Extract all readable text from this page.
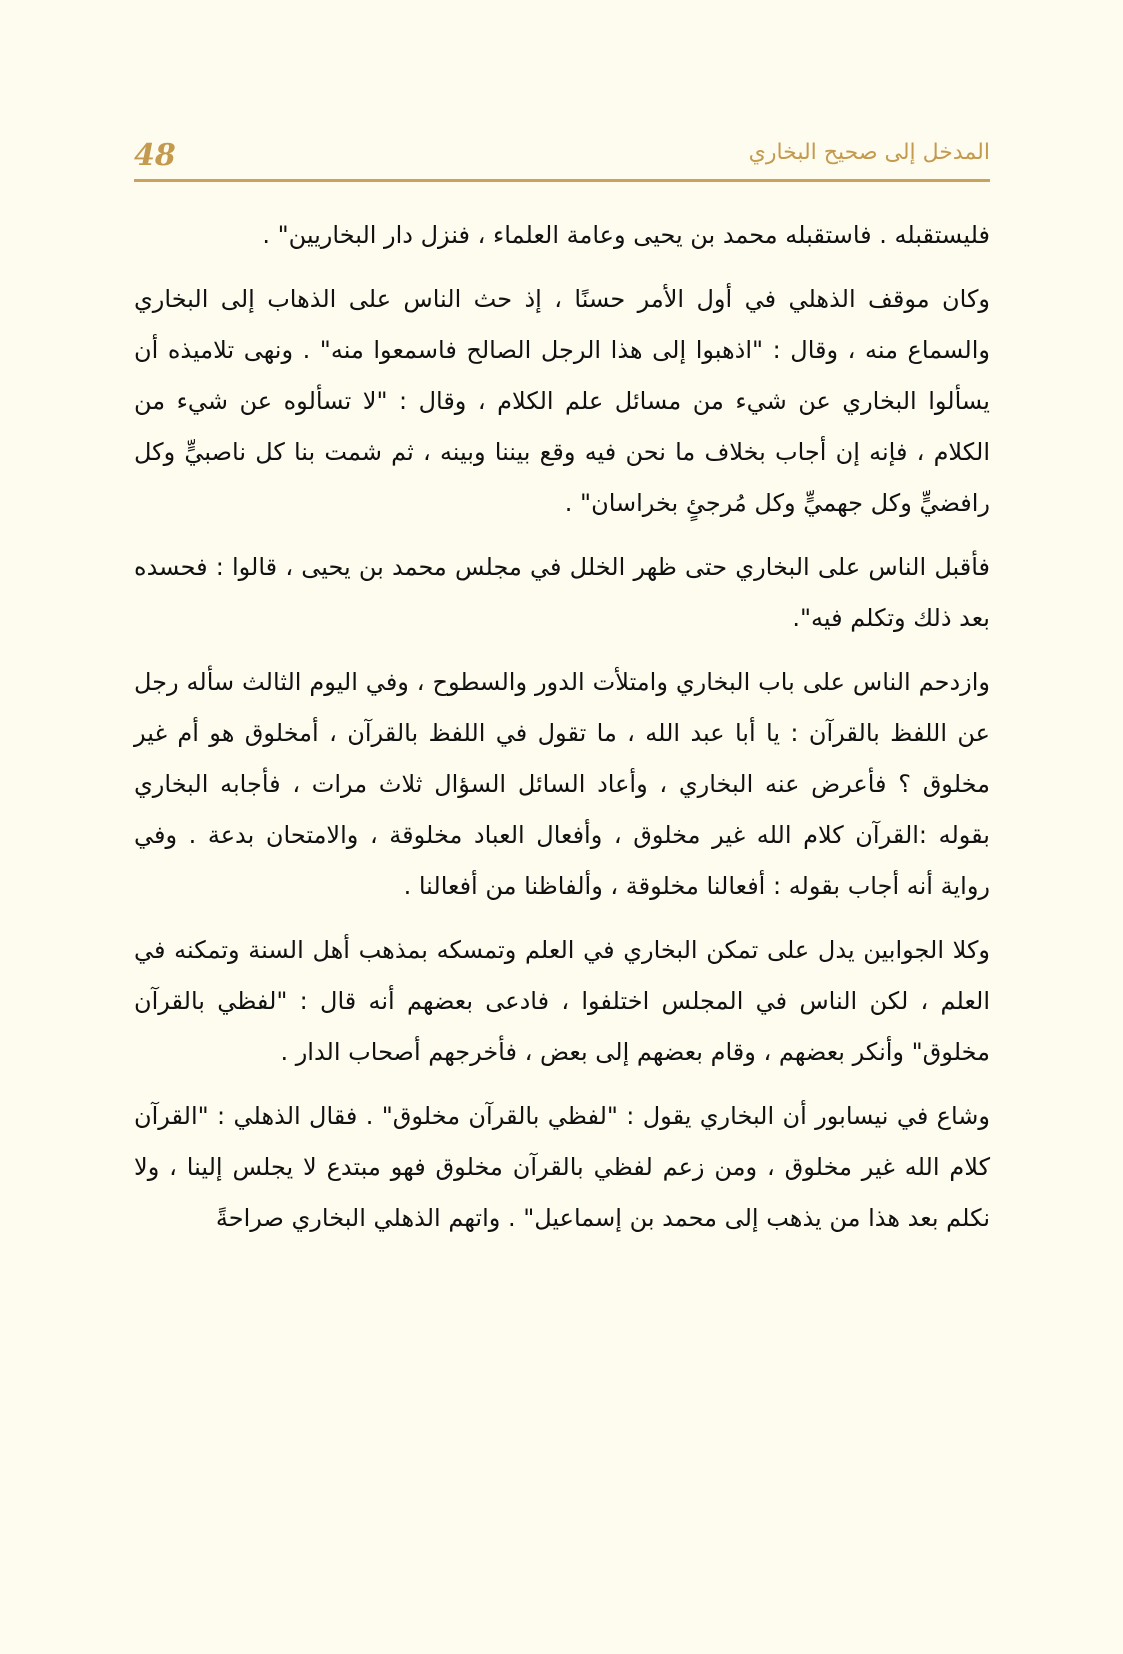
48	المدخل إلى صحيح البخاري

فليستقبله . فاستقبله محمد بن يحيى وعامة العلماء ، فنزل دار البخاريين" .

وكان موقف الذهلي في أول الأمر حسنًا ، إذ حث الناس على الذهاب إلى البخاري والسماع منه ، وقال : "اذهبوا إلى هذا الرجل الصالح فاسمعوا منه" . ونهى تلاميذه أن يسألوا البخاري عن شيء من مسائل علم الكلام ، وقال : "لا تسألوه عن شيء من الكلام ، فإنه إن أجاب بخلاف ما نحن فيه وقع بيننا وبينه ، ثم شمت بنا كل ناصبيٍّ وكل رافضيٍّ وكل جهميٍّ وكل مُرجئٍ بخراسان" .

فأقبل الناس على البخاري حتى ظهر الخلل في مجلس محمد بن يحيى ، قالوا : فحسده بعد ذلك وتكلم فيه".

وازدحم الناس على باب البخاري وامتلأت الدور والسطوح ، وفي اليوم الثالث سأله رجل عن اللفظ بالقرآن : يا أبا عبد الله ، ما تقول في اللفظ بالقرآن ، أمخلوق هو أم غير مخلوق ؟ فأعرض عنه البخاري ، وأعاد السائل السؤال ثلاث مرات ، فأجابه البخاري بقوله :القرآن كلام الله غير مخلوق ، وأفعال العباد مخلوقة ، والامتحان بدعة . وفي رواية أنه أجاب بقوله : أفعالنا مخلوقة ، وألفاظنا من أفعالنا .

وكلا الجوابين يدل على تمكن البخاري في العلم وتمسكه بمذهب أهل السنة وتمكنه في العلم ، لكن الناس في المجلس اختلفوا ، فادعى بعضهم أنه قال : "لفظي بالقرآن مخلوق" وأنكر بعضهم ، وقام بعضهم إلى بعض ، فأخرجهم أصحاب الدار .

وشاع في نيسابور أن البخاري يقول : "لفظي بالقرآن مخلوق" . فقال الذهلي : "القرآن كلام الله غير مخلوق ، ومن زعم لفظي بالقرآن مخلوق فهو مبتدع لا يجلس إلينا ، ولا نكلم بعد هذا من يذهب إلى محمد بن إسماعيل" . واتهم الذهلي البخاري صراحةً
